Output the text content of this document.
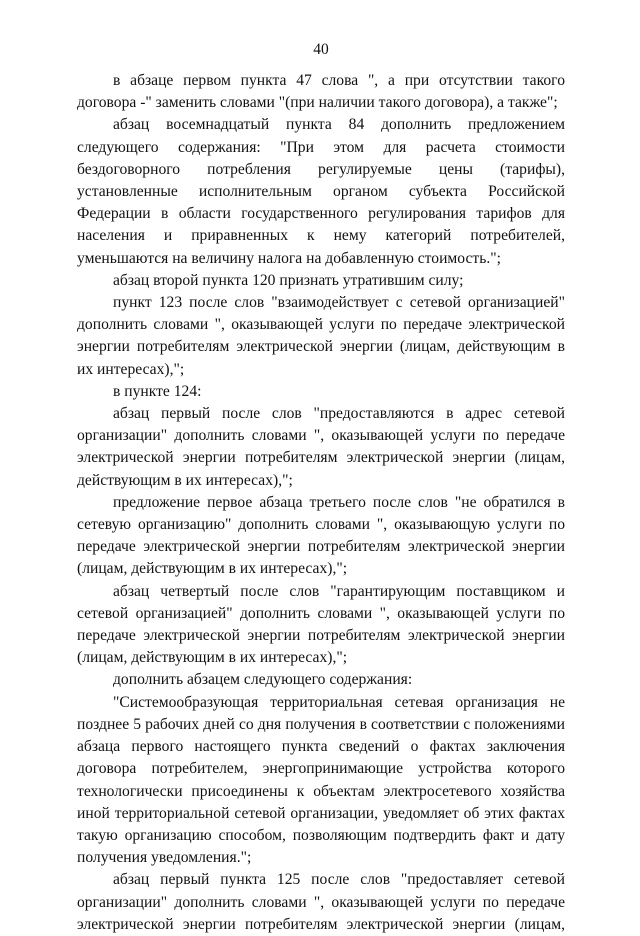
40

в абзаце первом пункта 47 слова ", а при отсутствии такого договора -" заменить словами "(при наличии такого договора), а также";

абзац восемнадцатый пункта 84 дополнить предложением следующего содержания: "При этом для расчета стоимости бездоговорного потребления регулируемые цены (тарифы), установленные исполнительным органом субъекта Российской Федерации в области государственного регулирования тарифов для населения и приравненных к нему категорий потребителей, уменьшаются на величину налога на добавленную стоимость.";

абзац второй пункта 120 признать утратившим силу;

пункт 123 после слов "взаимодействует с сетевой организацией" дополнить словами ", оказывающей услуги по передаче электрической энергии потребителям электрической энергии (лицам, действующим в их интересах),";

в пункте 124:

абзац первый после слов "предоставляются в адрес сетевой организации" дополнить словами ", оказывающей услуги по передаче электрической энергии потребителям электрической энергии (лицам, действующим в их интересах),";

предложение первое абзаца третьего после слов "не обратился в сетевую организацию" дополнить словами ", оказывающую услуги по передаче электрической энергии потребителям электрической энергии (лицам, действующим в их интересах),";

абзац четвертый после слов "гарантирующим поставщиком и сетевой организацией" дополнить словами ", оказывающей услуги по передаче электрической энергии потребителям электрической энергии (лицам, действующим в их интересах),";

дополнить абзацем следующего содержания:

"Системообразующая территориальная сетевая организация не позднее 5 рабочих дней со дня получения в соответствии с положениями абзаца первого настоящего пункта сведений о фактах заключения договора потребителем, энергопринимающие устройства которого технологически присоединены к объектам электросетевого хозяйства иной территориальной сетевой организации, уведомляет об этих фактах такую организацию способом, позволяющим подтвердить факт и дату получения уведомления.";

абзац первый пункта 125 после слов "предоставляет сетевой организации" дополнить словами ", оказывающей услуги по передаче электрической энергии потребителям электрической энергии (лицам,
